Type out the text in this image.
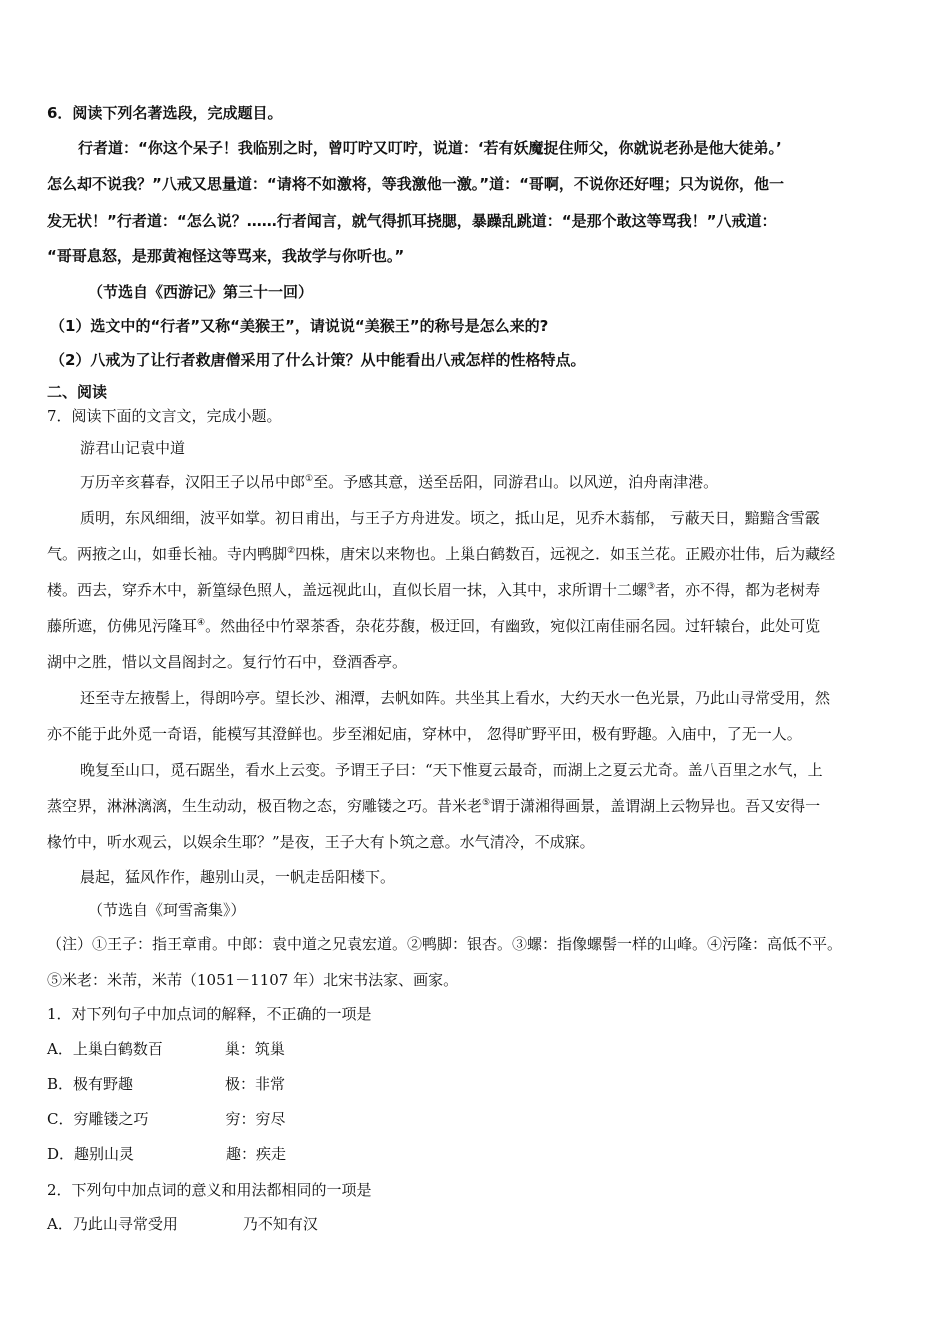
6．阅读下列名著选段，完成题目。
行者道：“你这个呆子！我临别之时，曾叮咛又叮咛，说道：‘若有妖魔捉住师父，你就说老孙是他大徒弟。’
怎么却不说我？”八戒又思量道：“请将不如激将，等我激他一激。”道：“哥啊，不说你还好哩；只为说你，他一
发无状！”行者道：“怎么说？……行者闻言，就气得抓耳挠腮，暴躁乱跳道：“是那个敢这等骂我！”八戒道：
“哥哥息怒，是那黄袍怪这等骂来，我故学与你听也。”
（节选自《西游记》第三十一回）
（1）选文中的“行者”又称“美猴王”，请说说“美猴王”的称号是怎么来的?
（2）八戒为了让行者救唐僧采用了什么计策？从中能看出八戒怎样的性格特点。
二、阅读
7．阅读下面的文言文，完成小题。
游君山记袁中道
万历辛亥暮春，汉阳王子以吊中郎①至。予感其意，送至岳阳，同游君山。以风逆，泊舟南津港。
质明，东风细细，波平如掌。初日甫出，与王子方舟进发。顷之，抵山足，见乔木蓊郁， 亏蔽天日，黯黯含雪霰
气。两掖之山，如垂长袖。寺内鸭脚②四株，唐宋以来物也。上巢白鹤数百，远视之．如玉兰花。正殿亦壮伟，后为藏经
楼。西去，穿乔木中，新篁绿色照人，盖远视此山，直似长眉一抹，入其中，求所谓十二螺③者，亦不得，都为老树寿
藤所遮，仿佛见污隆耳④。然曲径中竹翠茶香，杂花芬馥，极迂回，有幽致，宛似江南佳丽名园。过轩辕台，此处可览
湖中之胜，惜以文昌阁封之。复行竹石中，登酒香亭。
还至寺左掖髻上，得朗吟亭。望长沙、湘潭，去帆如阵。共坐其上看水，大约天水一色光景，乃此山寻常受用，然
亦不能于此外觅一奇语，能模写其澄鲜也。步至湘妃庙，穿林中， 忽得旷野平田，极有野趣。入庙中，了无一人。
晚复至山口，觅石踞坐，看水上云变。予谓王子曰：“天下惟夏云最奇，而湖上之夏云尤奇。盖八百里之水气，上
蒸空界，淋淋漓漓，生生动动，极百物之态，穷雕镂之巧。昔米老⑤谓于潇湘得画景，盖谓湖上云物异也。吾又安得一
椽竹中，听水观云，以娱余生耶？”是夜，王子大有卜筑之意。水气清冷，不成寐。
晨起，猛风作作，趣别山灵，一帆走岳阳楼下。
（节选自《珂雪斋集》）
（注）①王子：指王章甫。中郎：袁中道之兄袁宏道。②鸭脚：银杏。③螺：指像螺髻一样的山峰。④污隆：高低不平。
⑤米老：米芾，米芾（1051－1107 年）北宋书法家、画家。
1．对下列句子中加点词的解释，不正确的一项是
A．上巢白鹤数百	巢：筑巢
B．极有野趣	极：非常
C．穷雕镂之巧	穷：穷尽
D．趣别山灵	趣：疾走
2．下列句中加点词的意义和用法都相同的一项是
A．乃此山寻常受用	乃不知有汉
